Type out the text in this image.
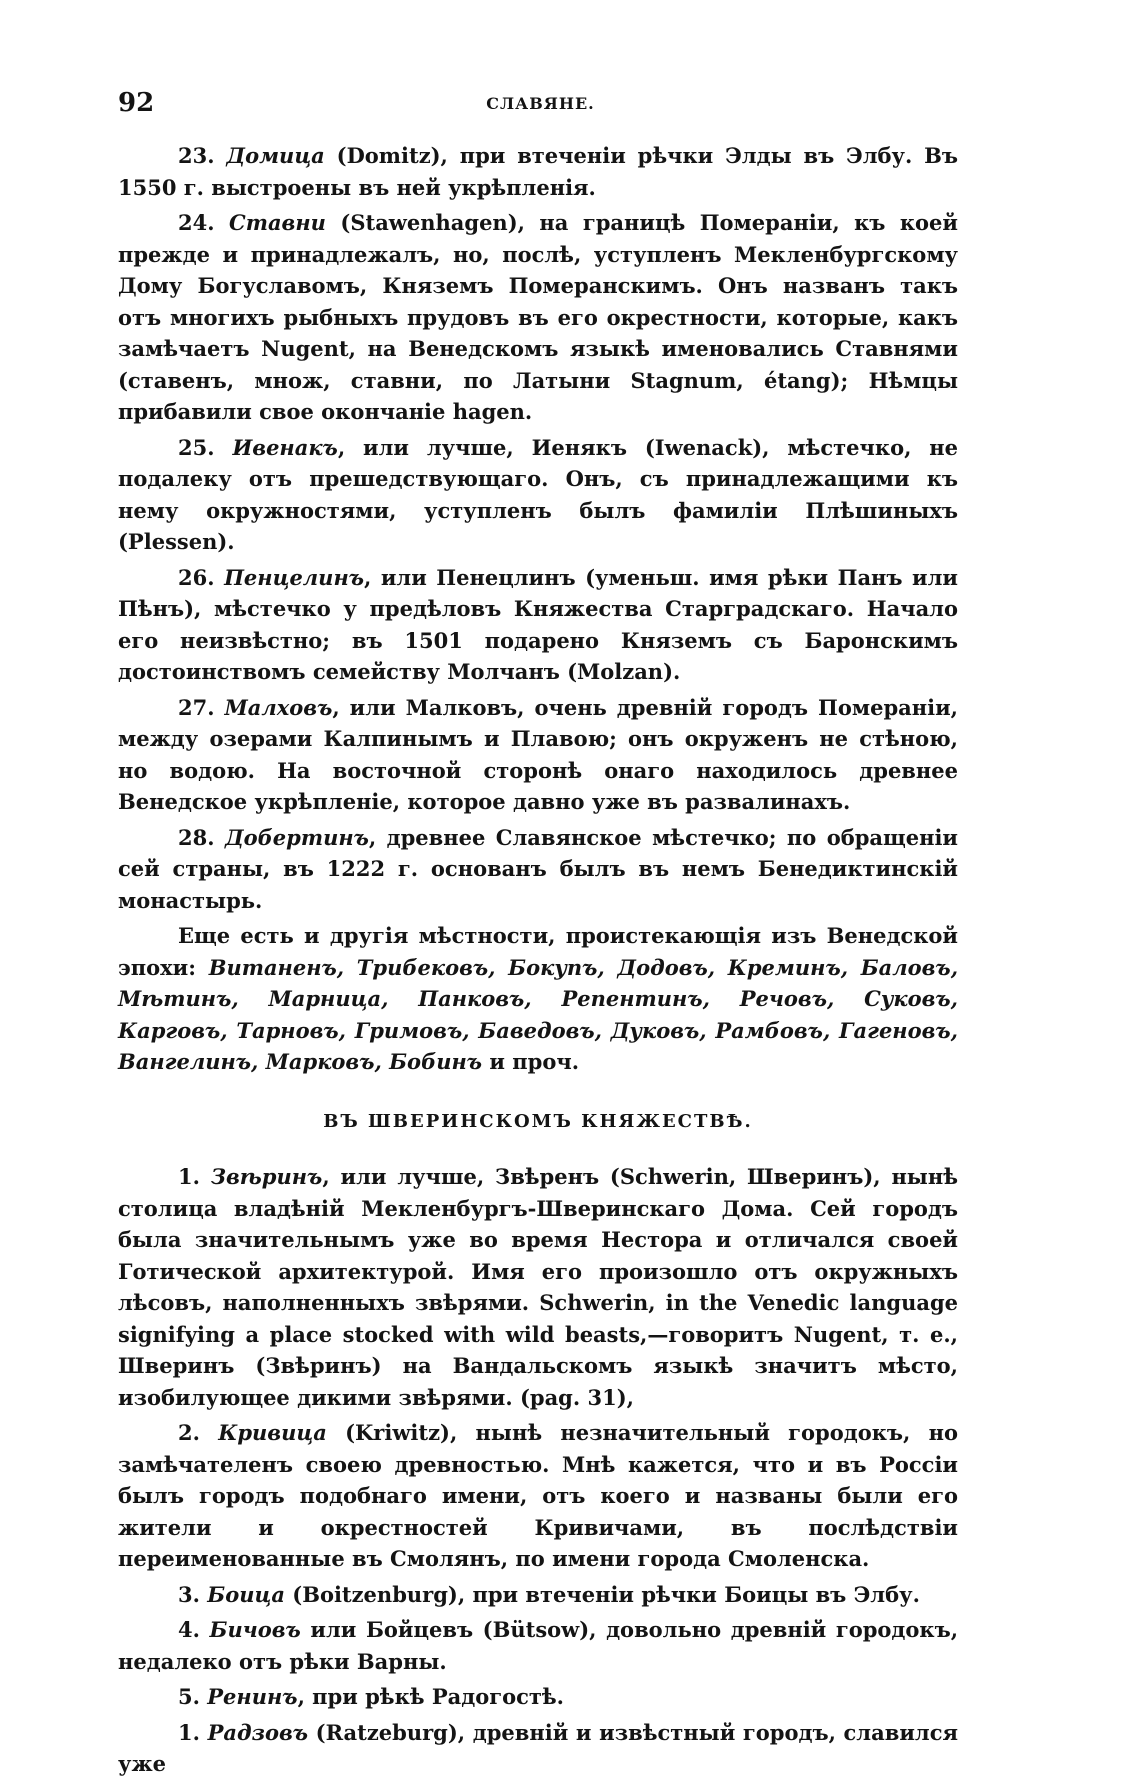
92	СЛАВЯНЕ.

23. Домица (Domitz), при втеченіи рѣчки Элды въ Элбу. Въ 1550 г. выстроены въ ней укрѣпленія.

24. Ставни (Stawenhagen), на границѣ Помераніи, къ коей прежде и принадлежалъ, но, послѣ, уступленъ Мекленбургскому Дому Богуславомъ, Княземъ Померанскимъ. Онъ названъ такъ отъ многихъ рыбныхъ прудовъ въ его окрестности, которые, какъ замѣчаетъ Nugent, на Венедскомъ языкѣ именовались Ставнями (ставенъ, множ, ставни, по Латыни Stagnum, étang); Нѣмцы прибавили свое окончаніе hagen.

25. Ивенакъ, или лучше, Иенякъ (Iwenack), мѣстечко, не подалеку отъ прешедствующаго. Онъ, съ принадлежащими къ нему окружностями, уступленъ былъ фамиліи Плѣшиныхъ (Plessen).

26. Пенцелинъ, или Пенецлинъ (уменьш. имя рѣки Панъ или Пѣнъ), мѣстечко у предѣловъ Княжества Старградскаго. Начало его неизвѣстно; въ 1501 подарено Княземъ съ Баронскимъ достоинствомъ семейству Молчанъ (Molzan).

27. Малховъ, или Малковъ, очень древній городъ Помераніи, между озерами Калпинымъ и Плавою; онъ окруженъ не стѣною, но водою. На восточной сторонѣ онаго находилось древнее Венедское укрѣпленіе, которое давно уже въ развалинахъ.

28. Добертинъ, древнее Славянское мѣстечко; по обращеніи сей страны, въ 1222 г. основанъ былъ въ немъ Бенедиктинскій монастырь.

Еще есть и другія мѣстности, проистекающія изъ Венедской эпохи: Витаненъ, Трибековъ, Бокупъ, Додовъ, Креминъ, Баловъ, Мѣтинъ, Марница, Панковъ, Репентинъ, Речовъ, Суковъ, Карговъ, Тарновъ, Гримовъ, Баведовъ, Дуковъ, Рамбовъ, Гагеновъ, Вангелинъ, Марковъ, Бобинъ и проч.

ВЪ ШВЕРИНСКОМЪ КНЯЖЕСТВѢ.

1. Звѣринъ, или лучше, Звѣренъ (Schwerin, Шверинъ), нынѣ столица владѣній Мекленбургъ-Шверинскаго Дома. Сей городъ была значительнымъ уже во время Нестора и отличался своей Готической архитектурой. Имя его произошло отъ окружныхъ лѣсовъ, наполненныхъ звѣрями. Schwerin, in the Venedic language signifying a place stocked with wild beasts,—говоритъ Nugent, т. е., Шверинъ (Звѣринъ) на Вандальскомъ языкѣ значитъ мѣсто, изобилующее дикими звѣрями. (pag. 31),

2. Кривица (Kriwitz), нынѣ незначительный городокъ, но замѣчателенъ своею древностью. Мнѣ кажется, что и въ Россіи былъ городъ подобнаго имени, отъ коего и названы были его жители и окрестностей Кривичами, въ послѣдствіи переименованные въ Смолянъ, по имени города Смоленска.

3. Боица (Boitzenburg), при втеченіи рѣчки Боицы въ Элбу.

4. Бичовъ или Бойцевъ (Bütsow), довольно древній городокъ, недалеко отъ рѣки Варны.

5. Ренинъ, при рѣкѣ Радогостѣ.

1. Радзовъ (Ratzeburg), древній и извѣстный городъ, славился уже
